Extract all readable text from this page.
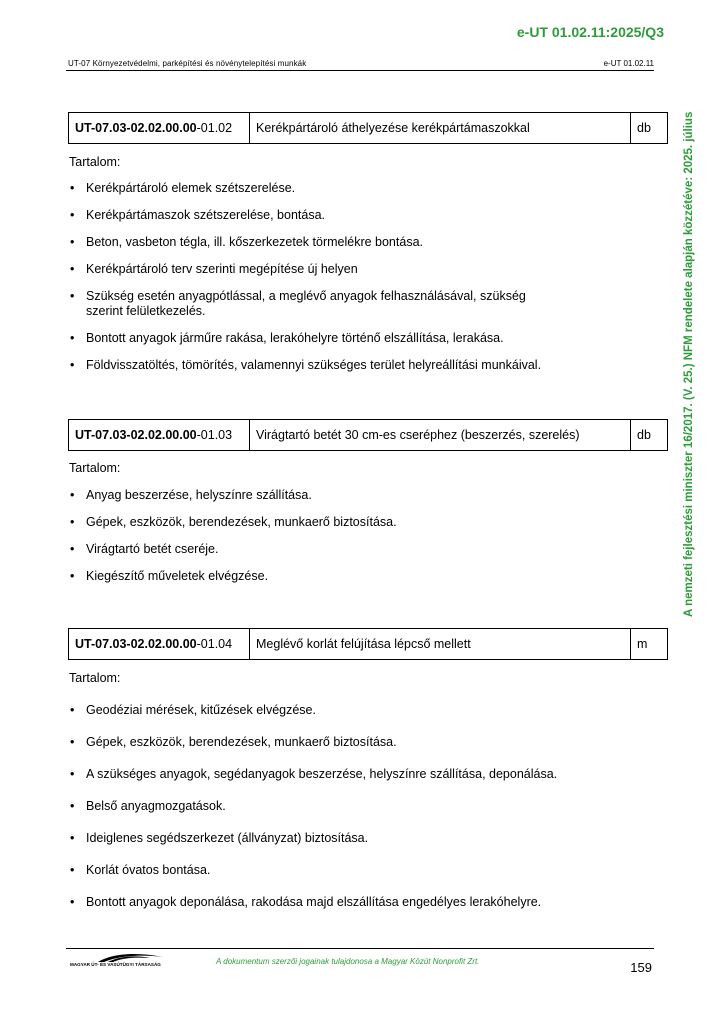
e-UT 01.02.11:2025/Q3
UT-07 Környezetvédelmi, parképítési és növénytelepítési munkák	e-UT 01.02.11
A nemzeti fejlesztési miniszter 16/2017. (V. 25.) NFM rendelete alapján közzétéve: 2025. július
UT-07.03-02.02.00.00-01.02	Kerékpártároló áthelyezése kerékpártámaszokkal	db
Tartalom:
• Kerékpártároló elemek szétszerelése.
• Kerékpártámaszok szétszerelése, bontása.
• Beton, vasbeton tégla, ill. kőszerkezetek törmelékre bontása.
• Kerékpártároló terv szerinti megépítése új helyen
• Szükség esetén anyagpótlással, a meglévő anyagok felhasználásával, szükség szerint felületkezelés.
• Bontott anyagok járműre rakása, lerakóhelyre történő elszállítása, lerakása.
• Földvisszatöltés, tömörítés, valamennyi szükséges terület helyreállítási munkáival.
UT-07.03-02.02.00.00-01.03	Virágtartó betét 30 cm-es cseréphez (beszerzés, szerelés)	db
Tartalom:
• Anyag beszerzése, helyszínre szállítása.
• Gépek, eszközök, berendezések, munkaerő biztosítása.
• Virágtartó betét cseréje.
• Kiegészítő műveletek elvégzése.
UT-07.03-02.02.00.00-01.04	Meglévő korlát felújítása lépcső mellett	m
Tartalom:
• Geodéziai mérések, kitűzések elvégzése.
• Gépek, eszközök, berendezések, munkaerő biztosítása.
• A szükséges anyagok, segédanyagok beszerzése, helyszínre szállítása, deponálása.
• Belső anyagmozgatások.
• Ideiglenes segédszerkezet (állványzat) biztosítása.
• Korlát óvatos bontása.
• Bontott anyagok deponálása, rakodása majd elszállítása engedélyes lerakóhelyre.
MAGYAR ÚT- ÉS VASÚTÜGYI TÁRSASÁG	A dokumentum szerzői jogainak tulajdonosa a Magyar Közút Nonprofit Zrt.	159
